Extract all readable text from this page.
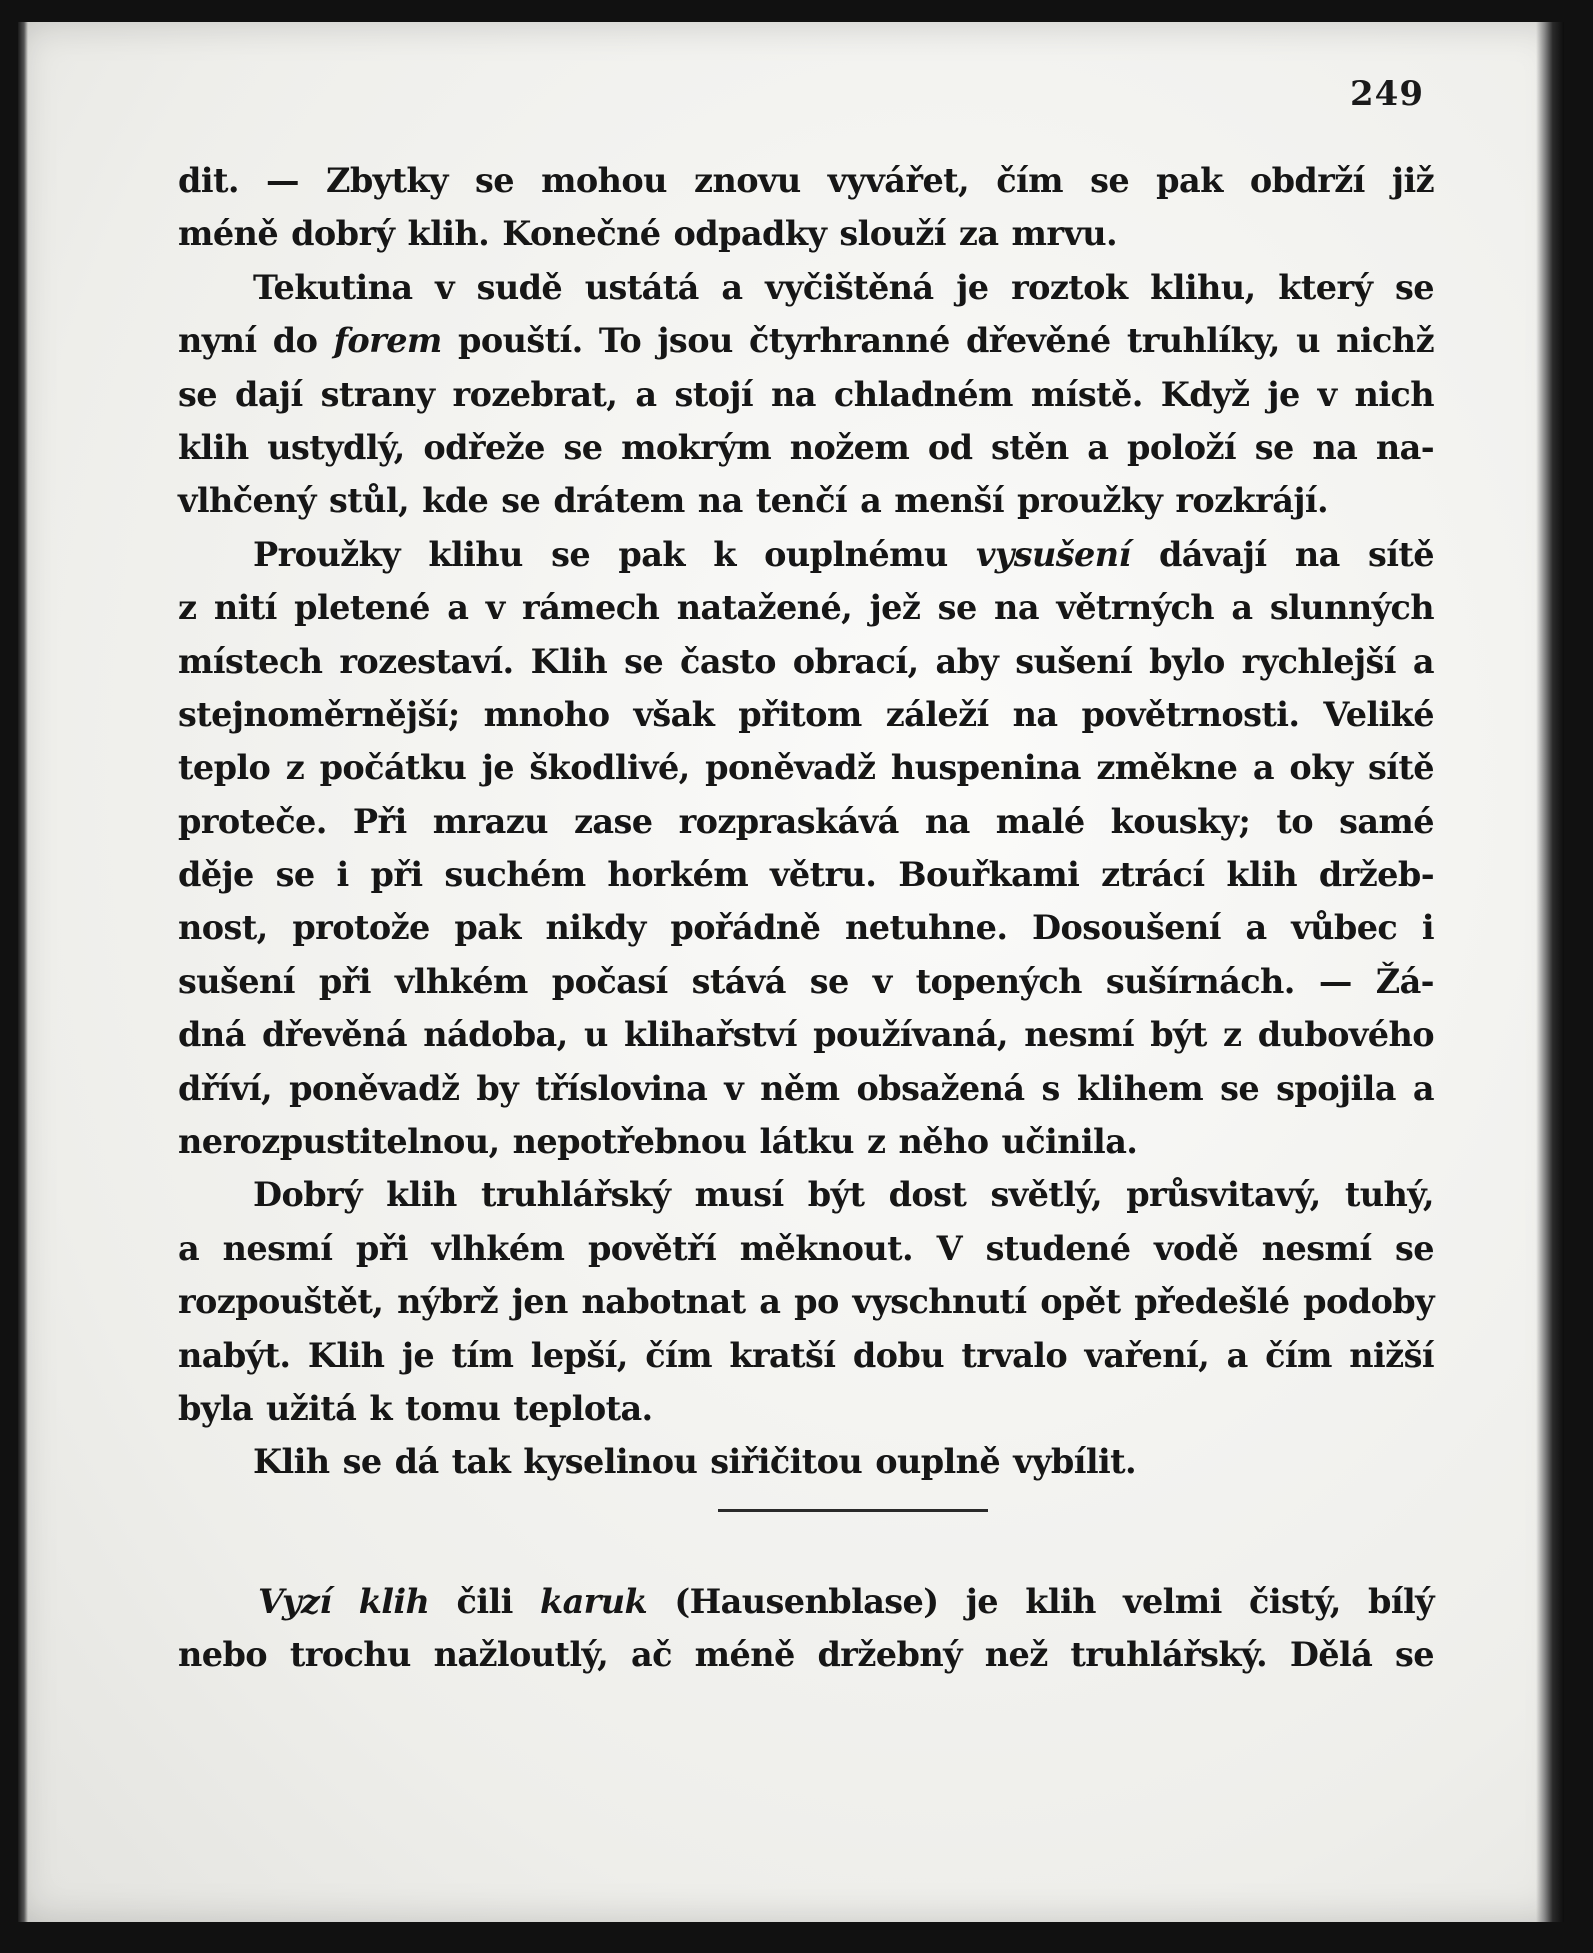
249
dit. — Zbytky se mohou znovu vyvářet, čím se pak obdrží již
méně dobrý klih. Konečné odpadky slouží za mrvu.
Tekutina v sudě ustátá a vyčištěná je roztok klihu, který se
nyní do forem pouští. To jsou čtyrhranné dřevěné truhlíky, u nichž
se dají strany rozebrat, a stojí na chladném místě. Když je v nich
klih ustydlý, odřeže se mokrým nožem od stěn a položí se na na-
vlhčený stůl, kde se drátem na tenčí a menší proužky rozkrájí.
Proužky klihu se pak k ouplnému vysušení dávají na sítě
z nití pletené a v rámech natažené, jež se na větrných a slunných
místech rozestaví. Klih se často obrací, aby sušení bylo rychlejší a
stejnoměrnější; mnoho však přitom záleží na povětrnosti. Veliké
teplo z počátku je škodlivé, poněvadž huspenina změkne a oky sítě
proteče. Při mrazu zase rozpraskává na malé kousky; to samé
děje se i při suchém horkém větru. Bouřkami ztrácí klih držeb-
nost, protože pak nikdy pořádně netuhne. Dosoušení a vůbec i
sušení při vlhkém počasí stává se v topených sušírnách. — Žá-
dná dřevěná nádoba, u klihařství používaná, nesmí být z dubového
dříví, poněvadž by tříslovina v něm obsažená s klihem se spojila a
nerozpustitelnou, nepotřebnou látku z něho učinila.
Dobrý klih truhlářský musí být dost světlý, průsvitavý, tuhý,
a nesmí při vlhkém povětří měknout. V studené vodě nesmí se
rozpouštět, nýbrž jen nabotnat a po vyschnutí opět předešlé podoby
nabýt. Klih je tím lepší, čím kratší dobu trvalo vaření, a čím nižší
byla užitá k tomu teplota.
Klih se dá tak kyselinou siřičitou ouplně vybílit.
Vyzí klih čili karuk (Hausenblase) je klih velmi čistý, bílý
nebo trochu nažloutlý, ač méně držebný než truhlářský. Dělá se
